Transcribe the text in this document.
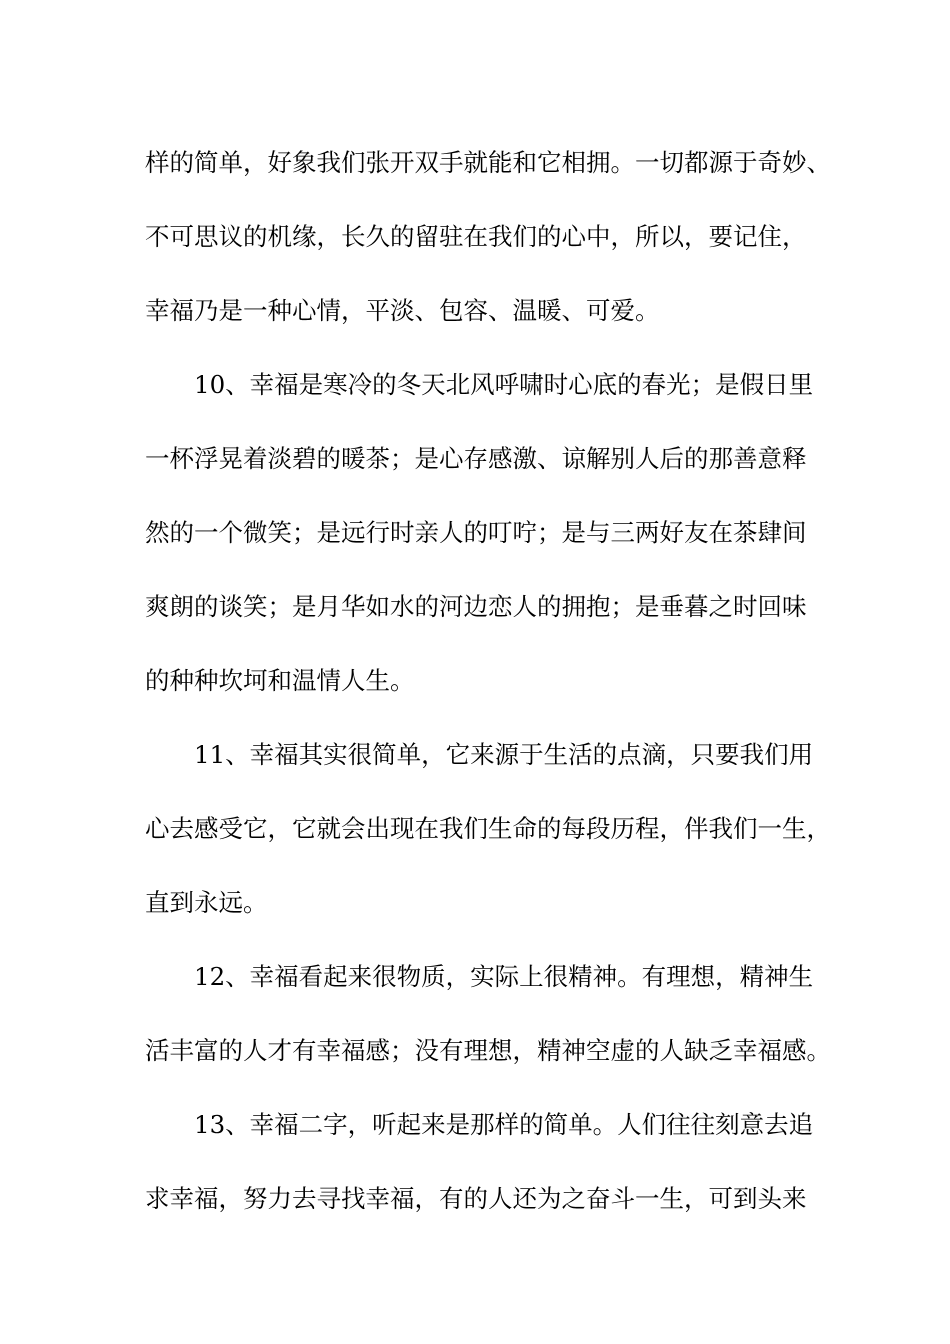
样的简单，好象我们张开双手就能和它相拥。一切都源于奇妙、
不可思议的机缘，长久的留驻在我们的心中，所以，要记住，
幸福乃是一种心情，平淡、包容、温暖、可爱。
10、幸福是寒冷的冬天北风呼啸时心底的春光；是假日里
一杯浮晃着淡碧的暖茶；是心存感激、谅解别人后的那善意释
然的一个微笑；是远行时亲人的叮咛；是与三两好友在茶肆间
爽朗的谈笑；是月华如水的河边恋人的拥抱；是垂暮之时回味
的种种坎坷和温情人生。
11、幸福其实很简单，它来源于生活的点滴，只要我们用
心去感受它，它就会出现在我们生命的每段历程，伴我们一生，
直到永远。
12、幸福看起来很物质，实际上很精神。有理想，精神生
活丰富的人才有幸福感；没有理想，精神空虚的人缺乏幸福感。
13、幸福二字，听起来是那样的简单。人们往往刻意去追
求幸福，努力去寻找幸福，有的人还为之奋斗一生，可到头来
